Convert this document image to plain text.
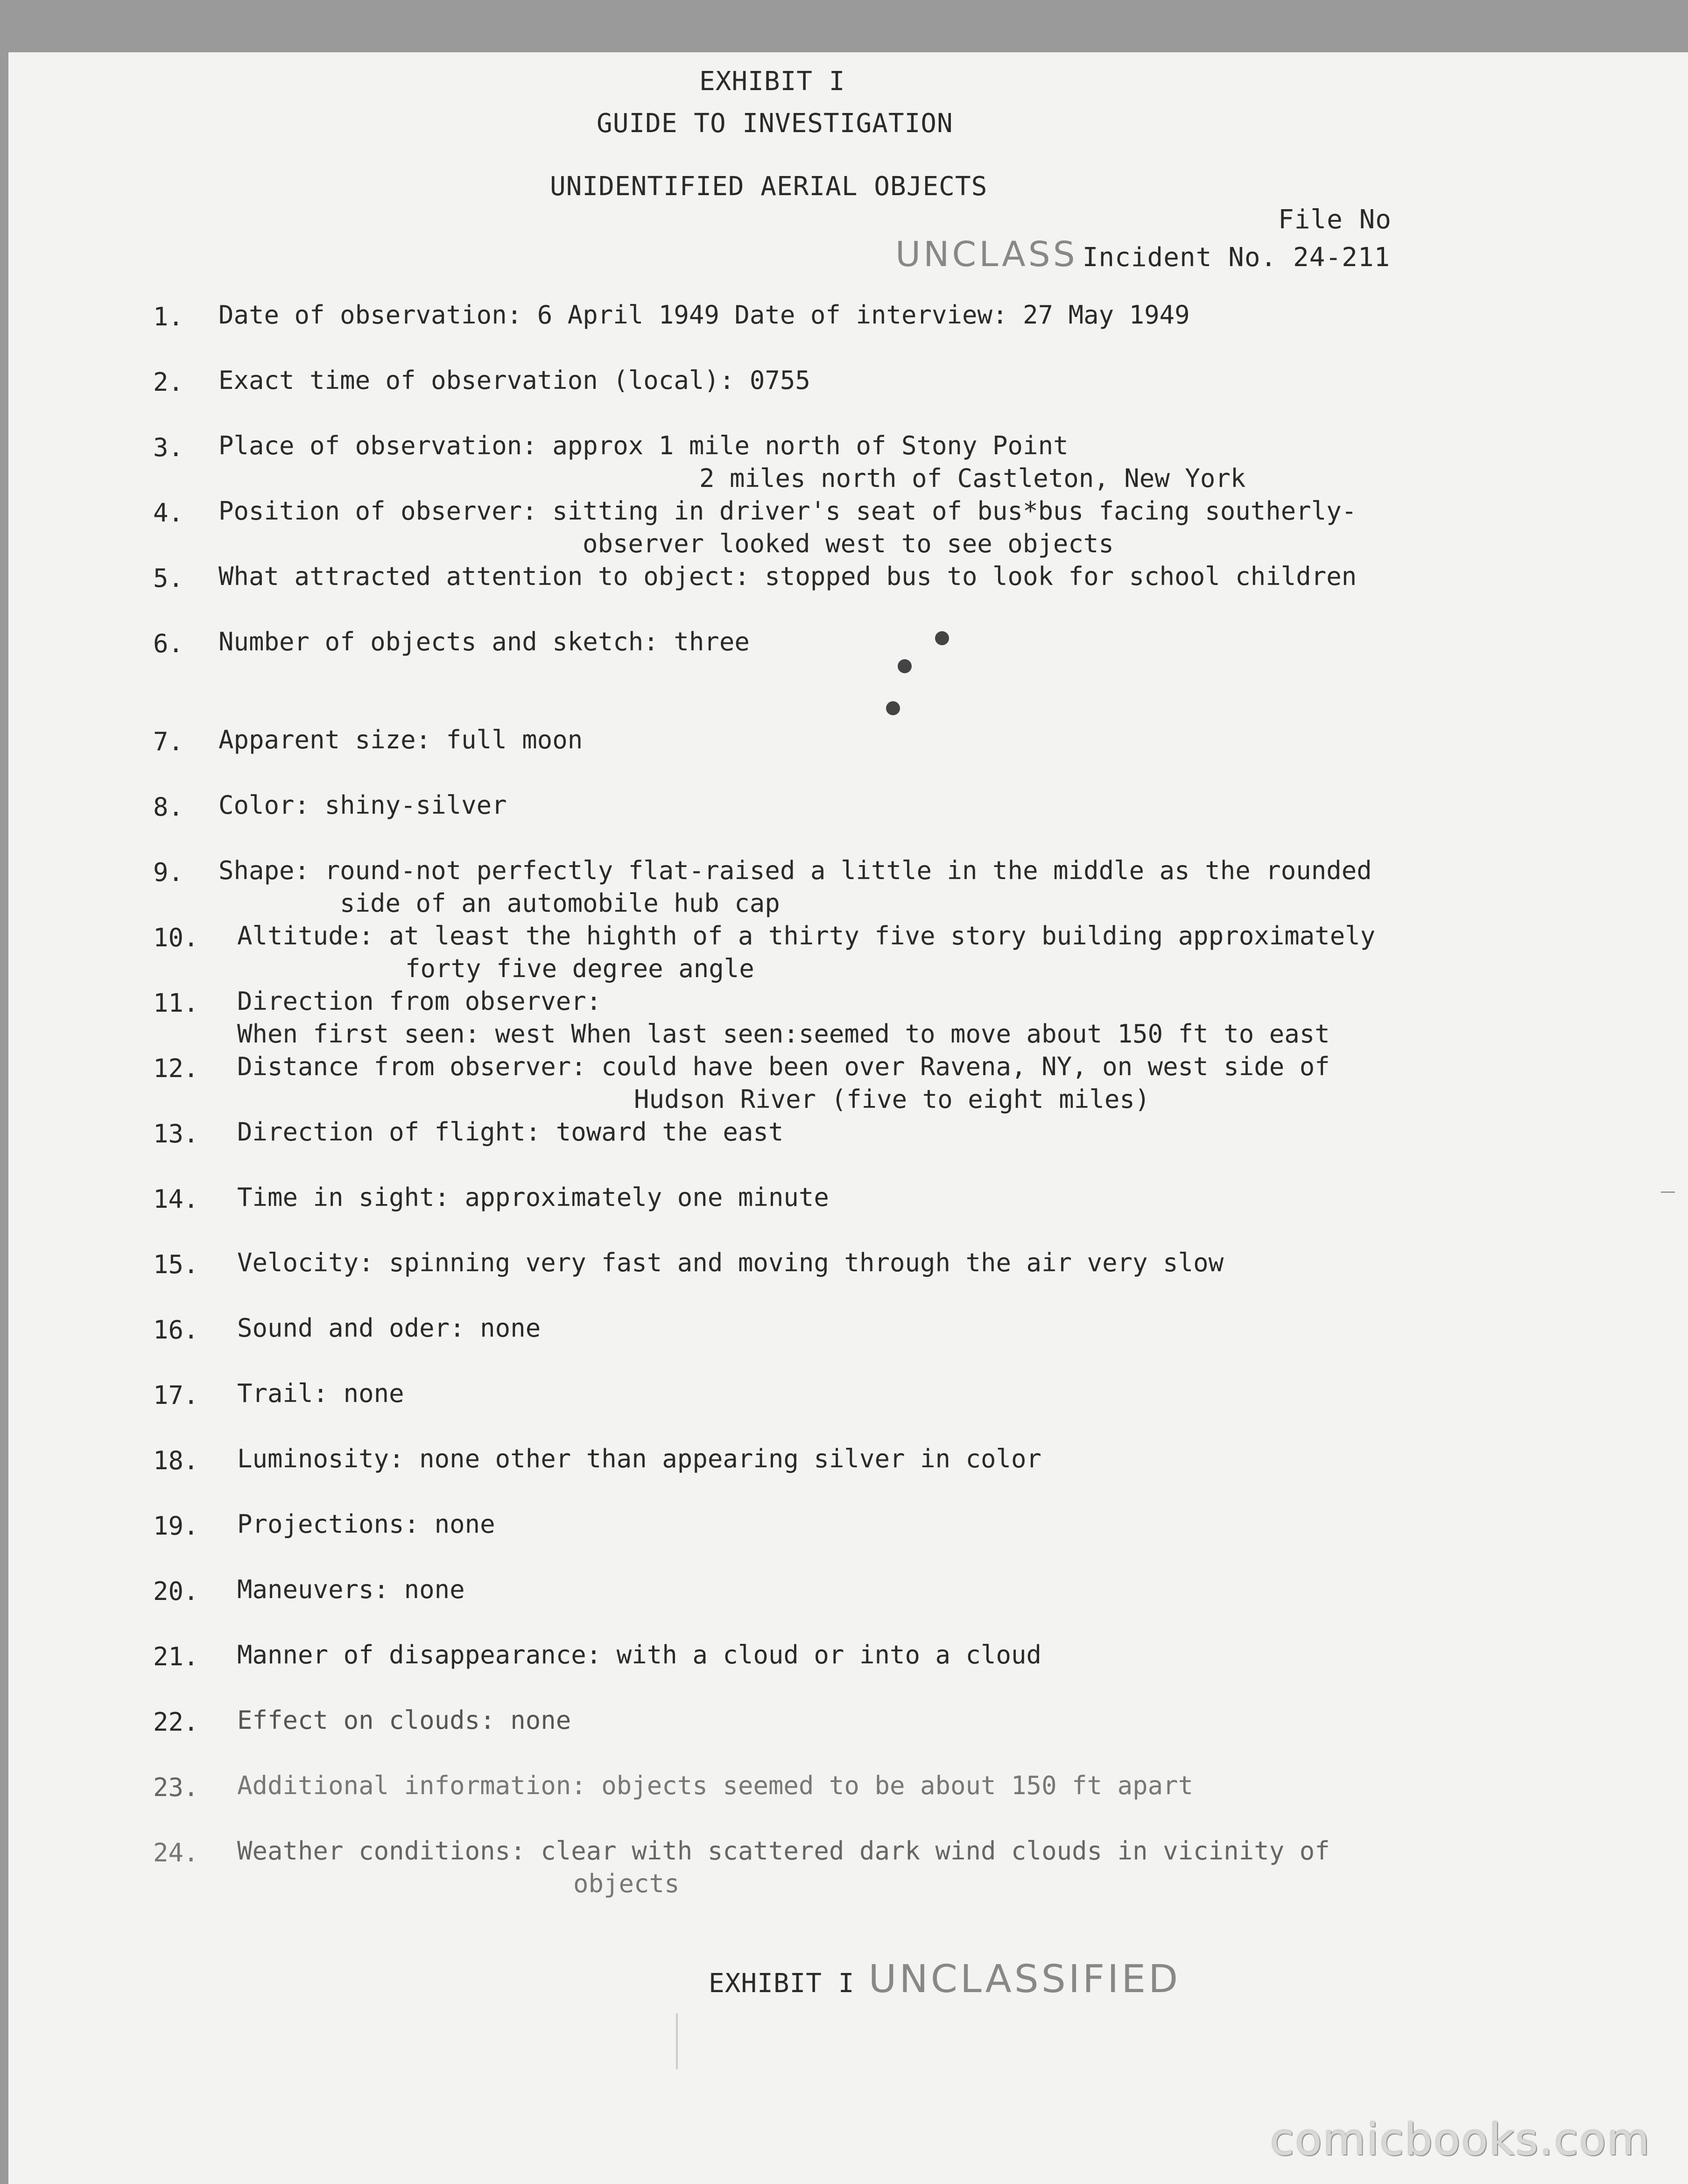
EXHIBIT I
GUIDE TO INVESTIGATION
UNIDENTIFIED AERIAL OBJECTS
File No
UNCLASS Incident No. 24-211
1. Date of observation: 6 April 1949 Date of interview: 27 May 1949
2. Exact time of observation (local): 0755
3. Place of observation: approx 1 mile north of Stony Point
2 miles north of Castleton, New York
4. Position of observer: sitting in driver's seat of bus*bus facing southerly-
observer looked west to see objects
5. What attracted attention to object: stopped bus to look for school children
6. Number of objects and sketch: three
7. Apparent size: full moon
8. Color: shiny-silver
9. Shape: round-not perfectly flat-raised a little in the middle as the rounded
side of an automobile hub cap
10. Altitude: at least the highth of a thirty five story building approximately
forty five degree angle
11. Direction from observer:
When first seen: west When last seen:seemed to move about 150 ft to east
12. Distance from observer: could have been over Ravena, NY, on west side of
Hudson River (five to eight miles)
13. Direction of flight: toward the east
14. Time in sight: approximately one minute
15. Velocity: spinning very fast and moving through the air very slow
16. Sound and oder: none
17. Trail: none
18. Luminosity: none other than appearing silver in color
19. Projections: none
20. Maneuvers: none
21. Manner of disappearance: with a cloud or into a cloud
22. Effect on clouds: none
23. Additional information: objects seemed to be about 150 ft apart
24. Weather conditions: clear with scattered dark wind clouds in vicinity of
objects
EXHIBIT I UNCLASSIFIED
comicbooks.com
